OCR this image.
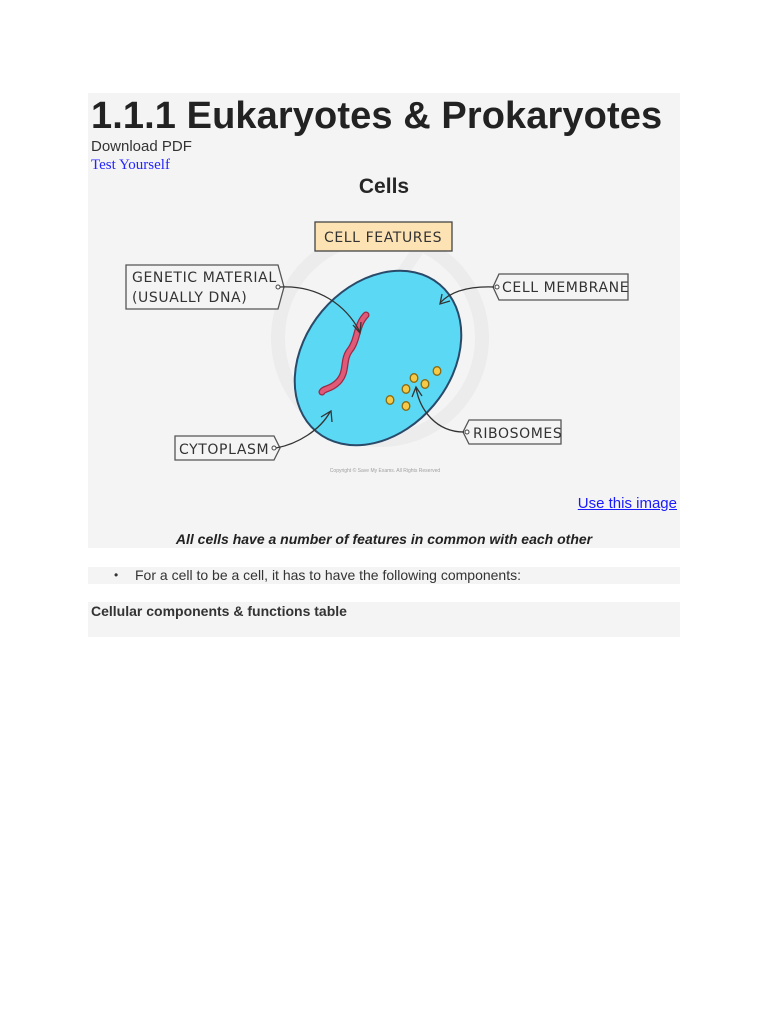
1.1.1 Eukaryotes & Prokaryotes
Download PDF
Test Yourself
Cells
CELL FEATURES
GENETIC MATERIAL
(USUALLY DNA)
CELL MEMBRANE
RIBOSOMES
CYTOPLASM
Copyright © Save My Exams. All Rights Reserved
Use this image
All cells have a number of features in common with each other
• For a cell to be a cell, it has to have the following components:
Cellular components & functions table
